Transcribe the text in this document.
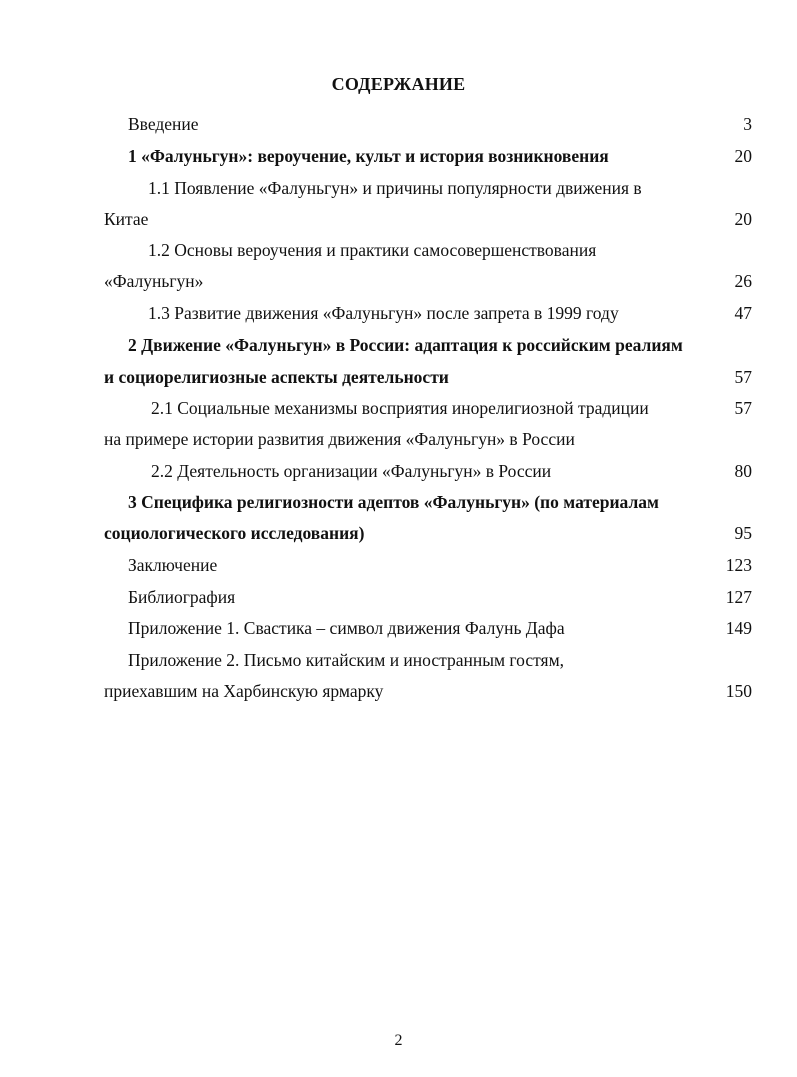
СОДЕРЖАНИЕ
Введение	3
1 «Фалуньгун»: вероучение, культ и история возникновения	20
1.1 Появление «Фалуньгун» и причины популярности движения в
Китае	20
1.2 Основы вероучения и практики самосовершенствования
«Фалуньгун»	26
1.3 Развитие движения «Фалуньгун» после запрета в 1999 году	47
2 Движение «Фалуньгун» в России: адаптация к российским реалиям
и социорелигиозные аспекты деятельности	57
2.1 Социальные механизмы восприятия инорелигиозной традиции	57
на примере истории развития движения «Фалуньгун» в России
2.2 Деятельность организации «Фалуньгун» в России	80
3 Специфика религиозности адептов «Фалуньгун» (по материалам
социологического исследования)	95
Заключение	123
Библиография	127
Приложение 1. Свастика – символ движения Фалунь Дафа	149
Приложение 2. Письмо китайским и иностранным гостям,
приехавшим на Харбинскую ярмарку	150
2
